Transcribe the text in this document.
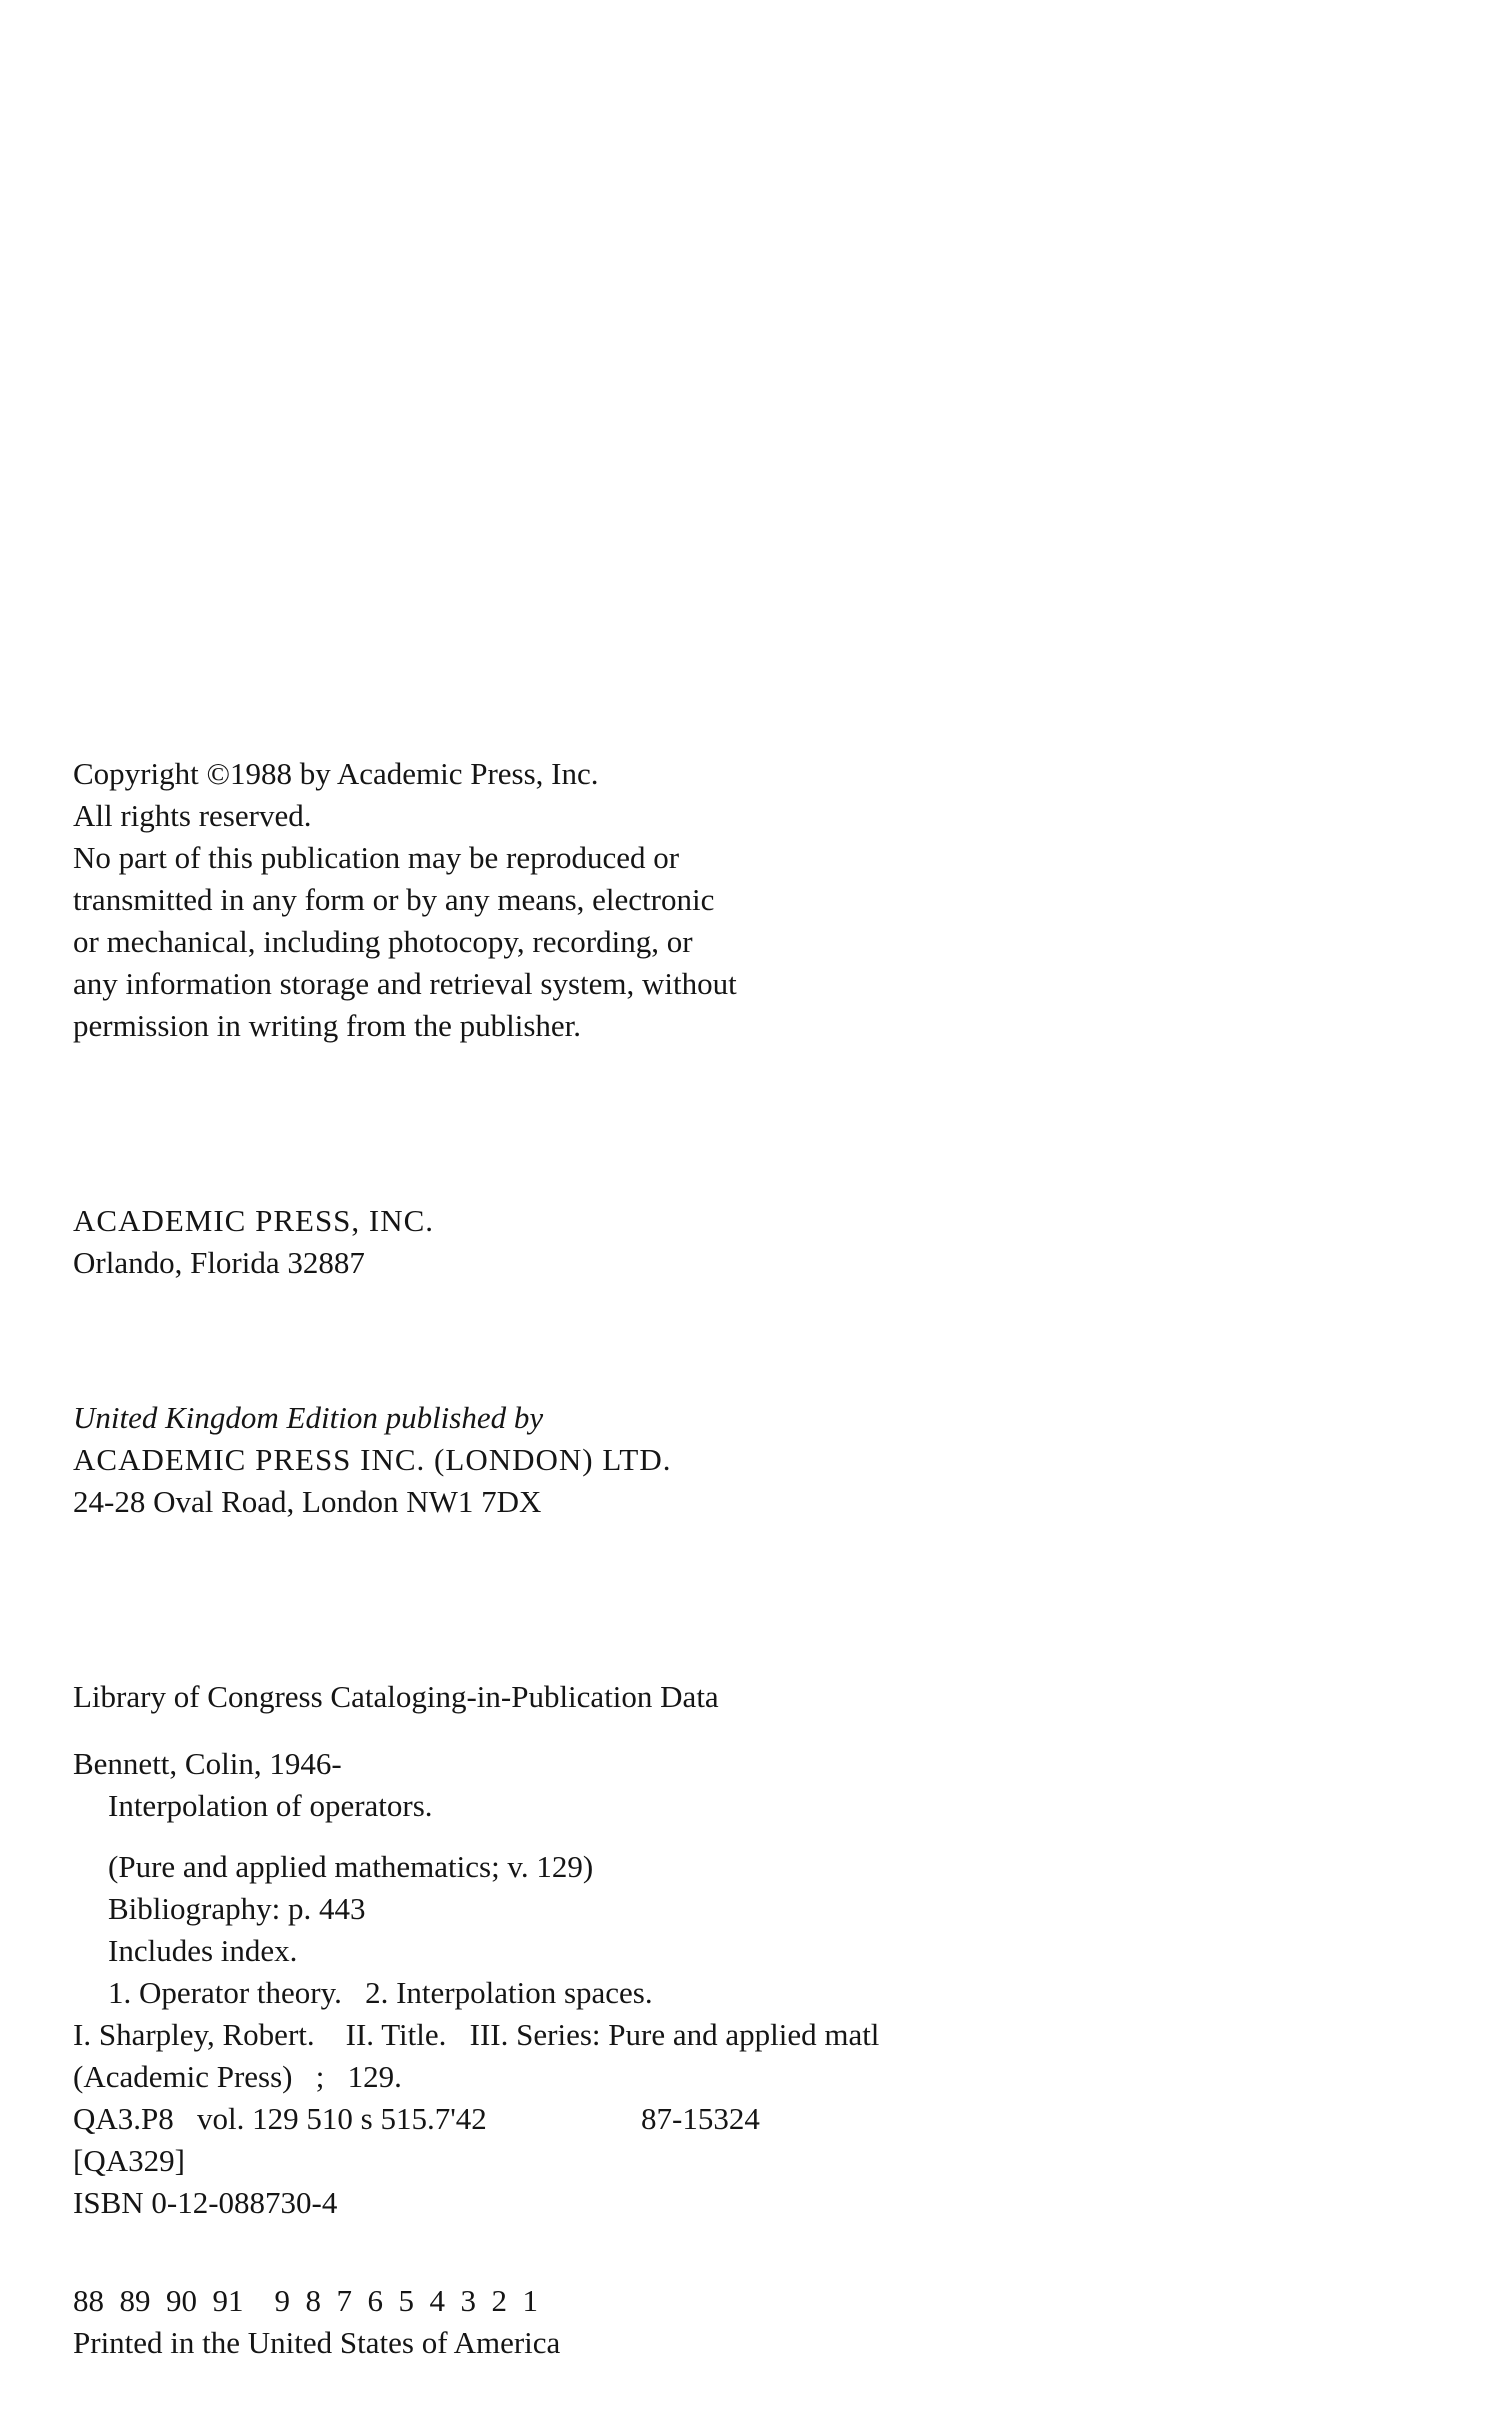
Copyright ©1988 by Academic Press, Inc.

All rights reserved.

No part of this publication may be reproduced or

transmitted in any form or by any means, electronic

or mechanical, including photocopy, recording, or

any information storage and retrieval system, without

permission in writing from the publisher.

ACADEMIC PRESS, INC.

Orlando, Florida 32887

United Kingdom Edition published by

ACADEMIC PRESS INC. (LONDON) LTD.

24-28 Oval Road, London NW1 7DX

Library of Congress Cataloging-in-Publication Data

Bennett, Colin, 1946-

Interpolation of operators.

(Pure and applied mathematics; v. 129)

Bibliography: p. 443

Includes index.

1. Operator theory.   2. Interpolation spaces.

I. Sharpley, Robert.    II. Title.   III. Series: Pure and applied matl

(Academic Press)   ;   129.

QA3.P8   vol. 129 510 s 515.7'42	87-15324

[QA329]

ISBN 0-12-088730-4

88  89  90  91    9  8  7  6  5  4  3  2  1

Printed in the United States of America
